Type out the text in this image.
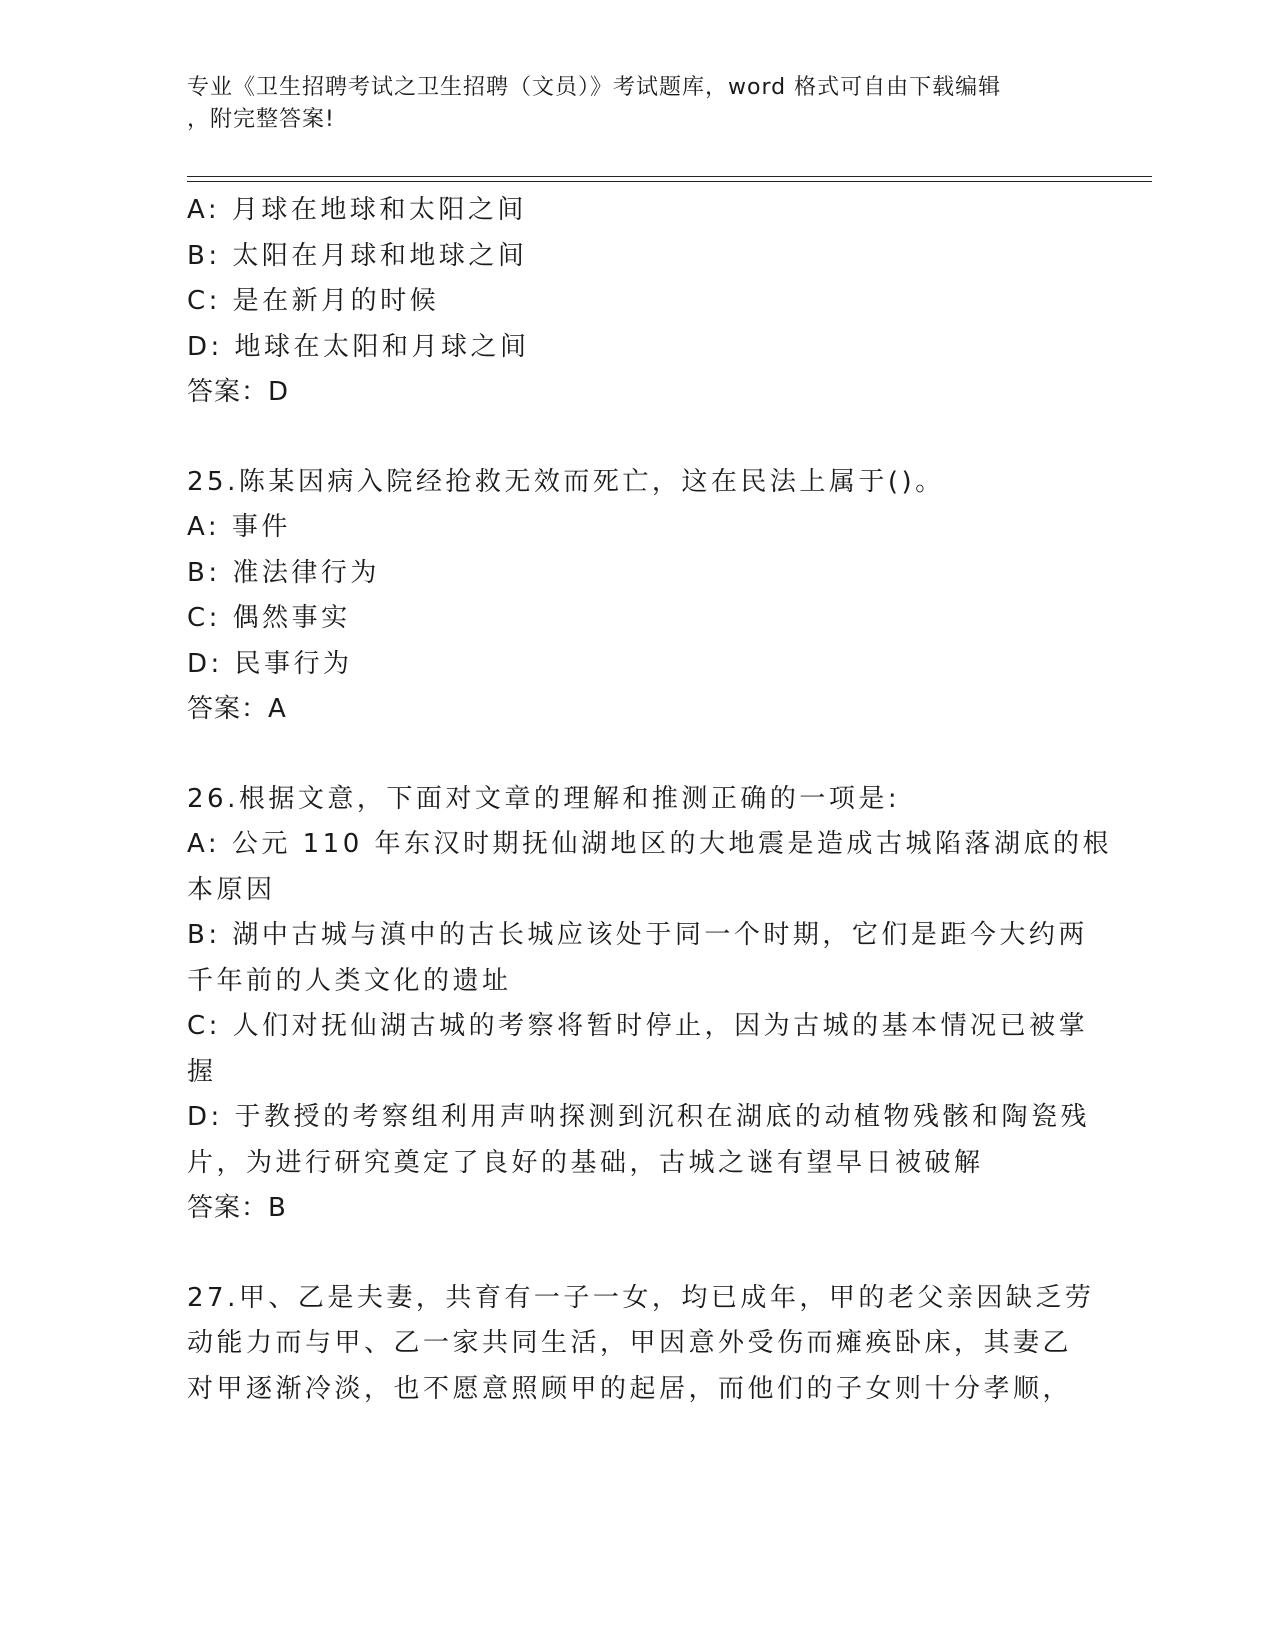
专业《卫生招聘考试之卫生招聘（文员）》考试题库，word 格式可自由下载编辑
，附完整答案!
A: 月球在地球和太阳之间
B: 太阳在月球和地球之间
C: 是在新月的时候
D: 地球在太阳和月球之间
答案：D
25.陈某因病入院经抢救无效而死亡，这在民法上属于()。
A: 事件
B: 准法律行为
C: 偶然事实
D: 民事行为
答案：A
26.根据文意，下面对文章的理解和推测正确的一项是:
A: 公元 110 年东汉时期抚仙湖地区的大地震是造成古城陷落湖底的根
本原因
B: 湖中古城与滇中的古长城应该处于同一个时期，它们是距今大约两
千年前的人类文化的遗址
C: 人们对抚仙湖古城的考察将暂时停止，因为古城的基本情况已被掌
握
D: 于教授的考察组利用声呐探测到沉积在湖底的动植物残骸和陶瓷残
片，为进行研究奠定了良好的基础，古城之谜有望早日被破解
答案：B
27.甲、乙是夫妻，共育有一子一女，均已成年，甲的老父亲因缺乏劳
动能力而与甲、乙一家共同生活，甲因意外受伤而瘫痪卧床，其妻乙
对甲逐渐冷淡，也不愿意照顾甲的起居，而他们的子女则十分孝顺，
